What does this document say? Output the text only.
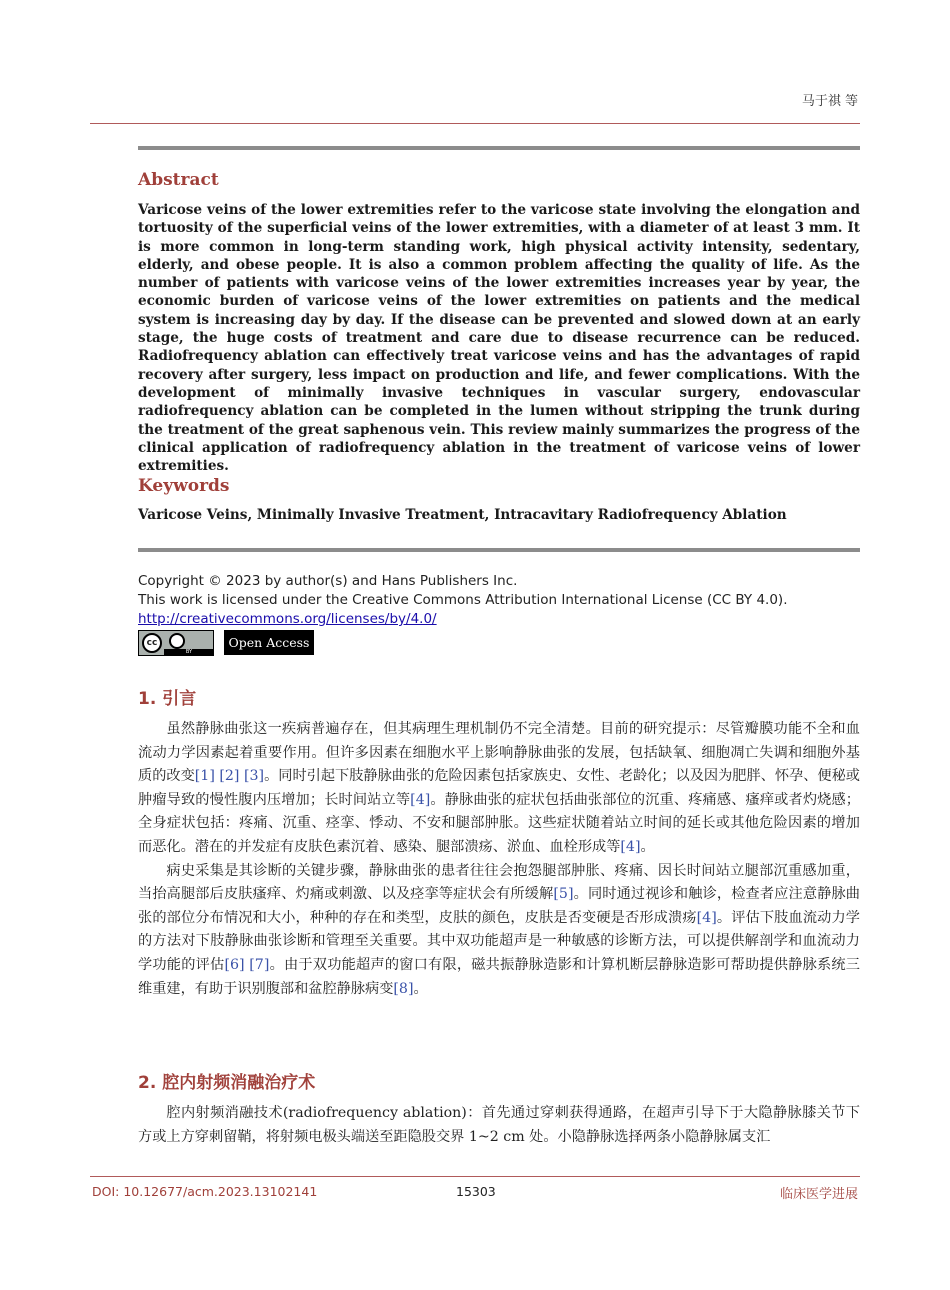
马于祺 等
Abstract
Varicose veins of the lower extremities refer to the varicose state involving the elongation and tortuosity of the superficial veins of the lower extremities, with a diameter of at least 3 mm. It is more common in long-term standing work, high physical activity intensity, sedentary, elderly, and obese people. It is also a common problem affecting the quality of life. As the number of patients with varicose veins of the lower extremities increases year by year, the economic burden of varicose veins of the lower extremities on patients and the medical system is increasing day by day. If the disease can be prevented and slowed down at an early stage, the huge costs of treatment and care due to disease recurrence can be reduced. Radiofrequency ablation can effectively treat varicose veins and has the advantages of rapid recovery after surgery, less impact on production and life, and fewer complications. With the development of minimally invasive techniques in vascular surgery, endovascular radiofrequency ablation can be completed in the lumen without stripping the trunk during the treatment of the great saphenous vein. This review mainly summarizes the progress of the clinical application of radiofrequency ablation in the treatment of varicose veins of lower extremities.
Keywords
Varicose Veins, Minimally Invasive Treatment, Intracavitary Radiofrequency Ablation
Copyright © 2023 by author(s) and Hans Publishers Inc.
This work is licensed under the Creative Commons Attribution International License (CC BY 4.0).
http://creativecommons.org/licenses/by/4.0/
cc
BY
Open Access
1. 引言

虽然静脉曲张这一疾病普遍存在，但其病理生理机制仍不完全清楚。目前的研究提示：尽管瓣膜功能不全和血流动力学因素起着重要作用。但许多因素在细胞水平上影响静脉曲张的发展，包括缺氧、细胞凋亡失调和细胞外基质的改变[1] [2] [3]。同时引起下肢静脉曲张的危险因素包括家族史、女性、老龄化；以及因为肥胖、怀孕、便秘或肿瘤导致的慢性腹内压增加；长时间站立等[4]。静脉曲张的症状包括曲张部位的沉重、疼痛感、瘙痒或者灼烧感；全身症状包括：疼痛、沉重、痉挛、悸动、不安和腿部肿胀。这些症状随着站立时间的延长或其他危险因素的增加而恶化。潜在的并发症有皮肤色素沉着、感染、腿部溃疡、淤血、血栓形成等[4]。

病史采集是其诊断的关键步骤，静脉曲张的患者往往会抱怨腿部肿胀、疼痛、因长时间站立腿部沉重感加重，当抬高腿部后皮肤瘙痒、灼痛或刺激、以及痉挛等症状会有所缓解[5]。同时通过视诊和触诊，检查者应注意静脉曲张的部位分布情况和大小，种种的存在和类型，皮肤的颜色，皮肤是否变硬是否形成溃疡[4]。评估下肢血流动力学的方法对下肢静脉曲张诊断和管理至关重要。其中双功能超声是一种敏感的诊断方法，可以提供解剖学和血流动力学功能的评估[6] [7]。由于双功能超声的窗口有限，磁共振静脉造影和计算机断层静脉造影可帮助提供静脉系统三维重建，有助于识别腹部和盆腔静脉病变[8]。

2. 腔内射频消融治疗术

腔内射频消融技术(radiofrequency ablation)：首先通过穿刺获得通路，在超声引导下于大隐静脉膝关节下方或上方穿刺留鞘，将射频电极头端送至距隐股交界 1~2 cm 处。小隐静脉选择两条小隐静脉属支汇

DOI: 10.12677/acm.2023.13102141	15303	临床医学进展
